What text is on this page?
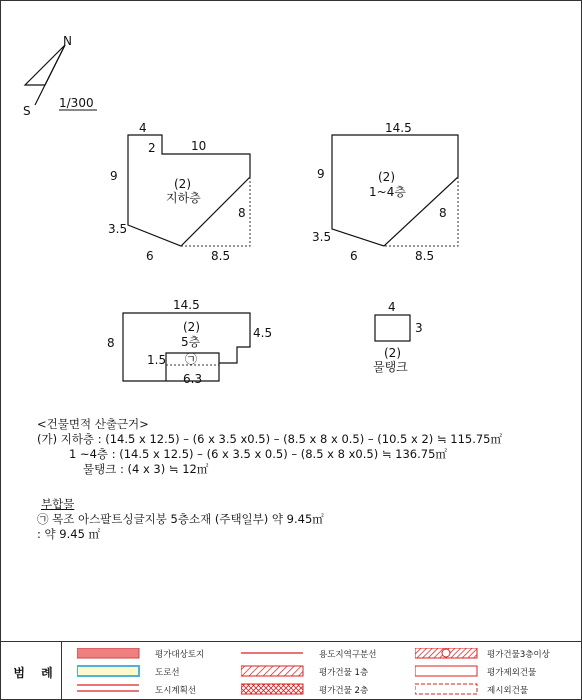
N
S
1/300
4
2	10
9
8
3.5
6	8.5
(2)
지하층
14.5
9
8
3.5
6	8.5
(2)
1~4층
14.5
8
4.5
1.5
6.3
(2)
5층
㉠
4
3
(2)
물탱크
<건물면적 산출근거>
(가) 지하층 : (14.5 x 12.5) – (6 x 3.5 x0.5) – (8.5 x 8 x 0.5) – (10.5 x 2) ≒ 115.75㎡
1 ~4층 : (14.5 x 12.5) – (6 x 3.5 x 0.5) – (8.5 x 8 x0.5) ≒ 136.75㎡
물탱크 : (4 x 3) ≒ 12㎡
부합물
㉠ 목조 아스팔트싱글지붕 5층소재 (주택일부) 약 9.45㎡
: 약 9.45 ㎡
범 례
평가대상토지
도로선
도시계획선
용도지역구분선
평가건물 1층
평가건물 2층
평가건물3층이상
평가제외건물
제시외건물
